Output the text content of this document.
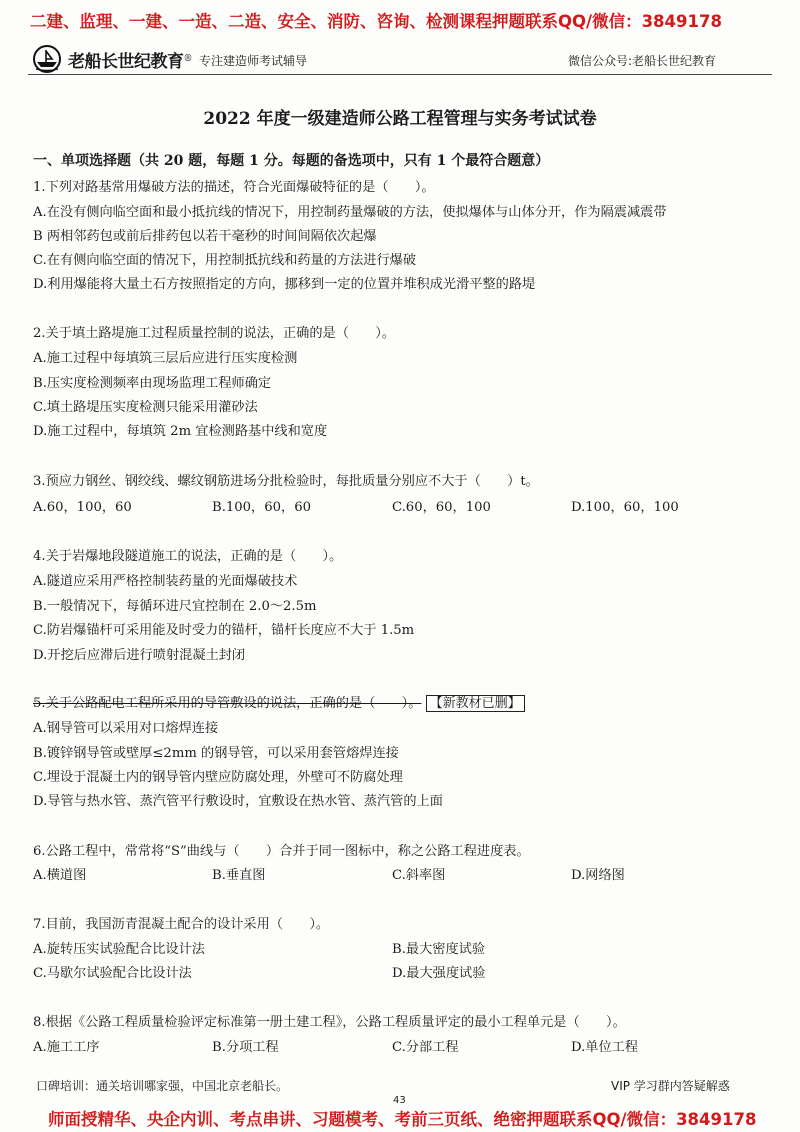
二建、监理、一建、一造、二造、安全、消防、咨询、检测课程押题联系QQ/微信：3849178
老船长世纪教育 ® 专注建造师考试辅导	微信公众号:老船长世纪教育
2022 年度一级建造师公路工程管理与实务考试试卷
一、单项选择题（共 20 题，每题 1 分。每题的备选项中，只有 1 个最符合题意）
1.下列对路基常用爆破方法的描述，符合光面爆破特征的是（　　）。
A.在没有侧向临空面和最小抵抗线的情况下，用控制药量爆破的方法，使拟爆体与山体分开，作为隔震减震带
B 两相邻药包或前后排药包以若干毫秒的时间间隔依次起爆
C.在有侧向临空面的情况下，用控制抵抗线和药量的方法进行爆破
D.利用爆能将大量土石方按照指定的方向，挪移到一定的位置并堆积成光滑平整的路堤
2.关于填土路堤施工过程质量控制的说法，正确的是（　　）。
A.施工过程中每填筑三层后应进行压实度检测
B.压实度检测频率由现场监理工程师确定
C.填土路堤压实度检测只能采用灌砂法
D.施工过程中，每填筑 2m 宜检测路基中线和宽度
3.预应力钢丝、钢绞线、螺纹钢筋进场分批检验时，每批质量分别应不大于（　　）t。
A.60，100，60	B.100，60，60	C.60，60，100	D.100，60，100
4.关于岩爆地段隧道施工的说法，正确的是（　　）。
A.隧道应采用严格控制装药量的光面爆破技术
B.一般情况下，每循环进尺宜控制在 2.0～2.5m
C.防岩爆锚杆可采用能及时受力的锚杆，锚杆长度应不大于 1.5m
D.开挖后应滞后进行喷射混凝土封闭
5.关于公路配电工程所采用的导管敷设的说法，正确的是（　　）。 【新教材已删】
A.钢导管可以采用对口熔焊连接
B.镀锌钢导管或壁厚≤2mm 的钢导管，可以采用套管熔焊连接
C.埋设于混凝土内的钢导管内壁应防腐处理，外壁可不防腐处理
D.导管与热水管、蒸汽管平行敷设时，宜敷设在热水管、蒸汽管的上面
6.公路工程中，常常将“S”曲线与（　　）合并于同一图标中，称之公路工程进度表。
A.横道图	B.垂直图	C.斜率图	D.网络图
7.目前，我国沥青混凝土配合的设计采用（　　）。
A.旋转压实试验配合比设计法	B.最大密度试验
C.马歇尔试验配合比设计法	D.最大强度试验
8.根据《公路工程质量检验评定标准第一册土建工程》，公路工程质量评定的最小工程单元是（　　）。
A.施工工序	B.分项工程	C.分部工程	D.单位工程
口碑培训：通关培训哪家强，中国北京老船长。	VIP 学习群内答疑解惑
43
师面授精华、央企内训、考点串讲、习题模考、考前三页纸、绝密押题联系QQ/微信：3849178
